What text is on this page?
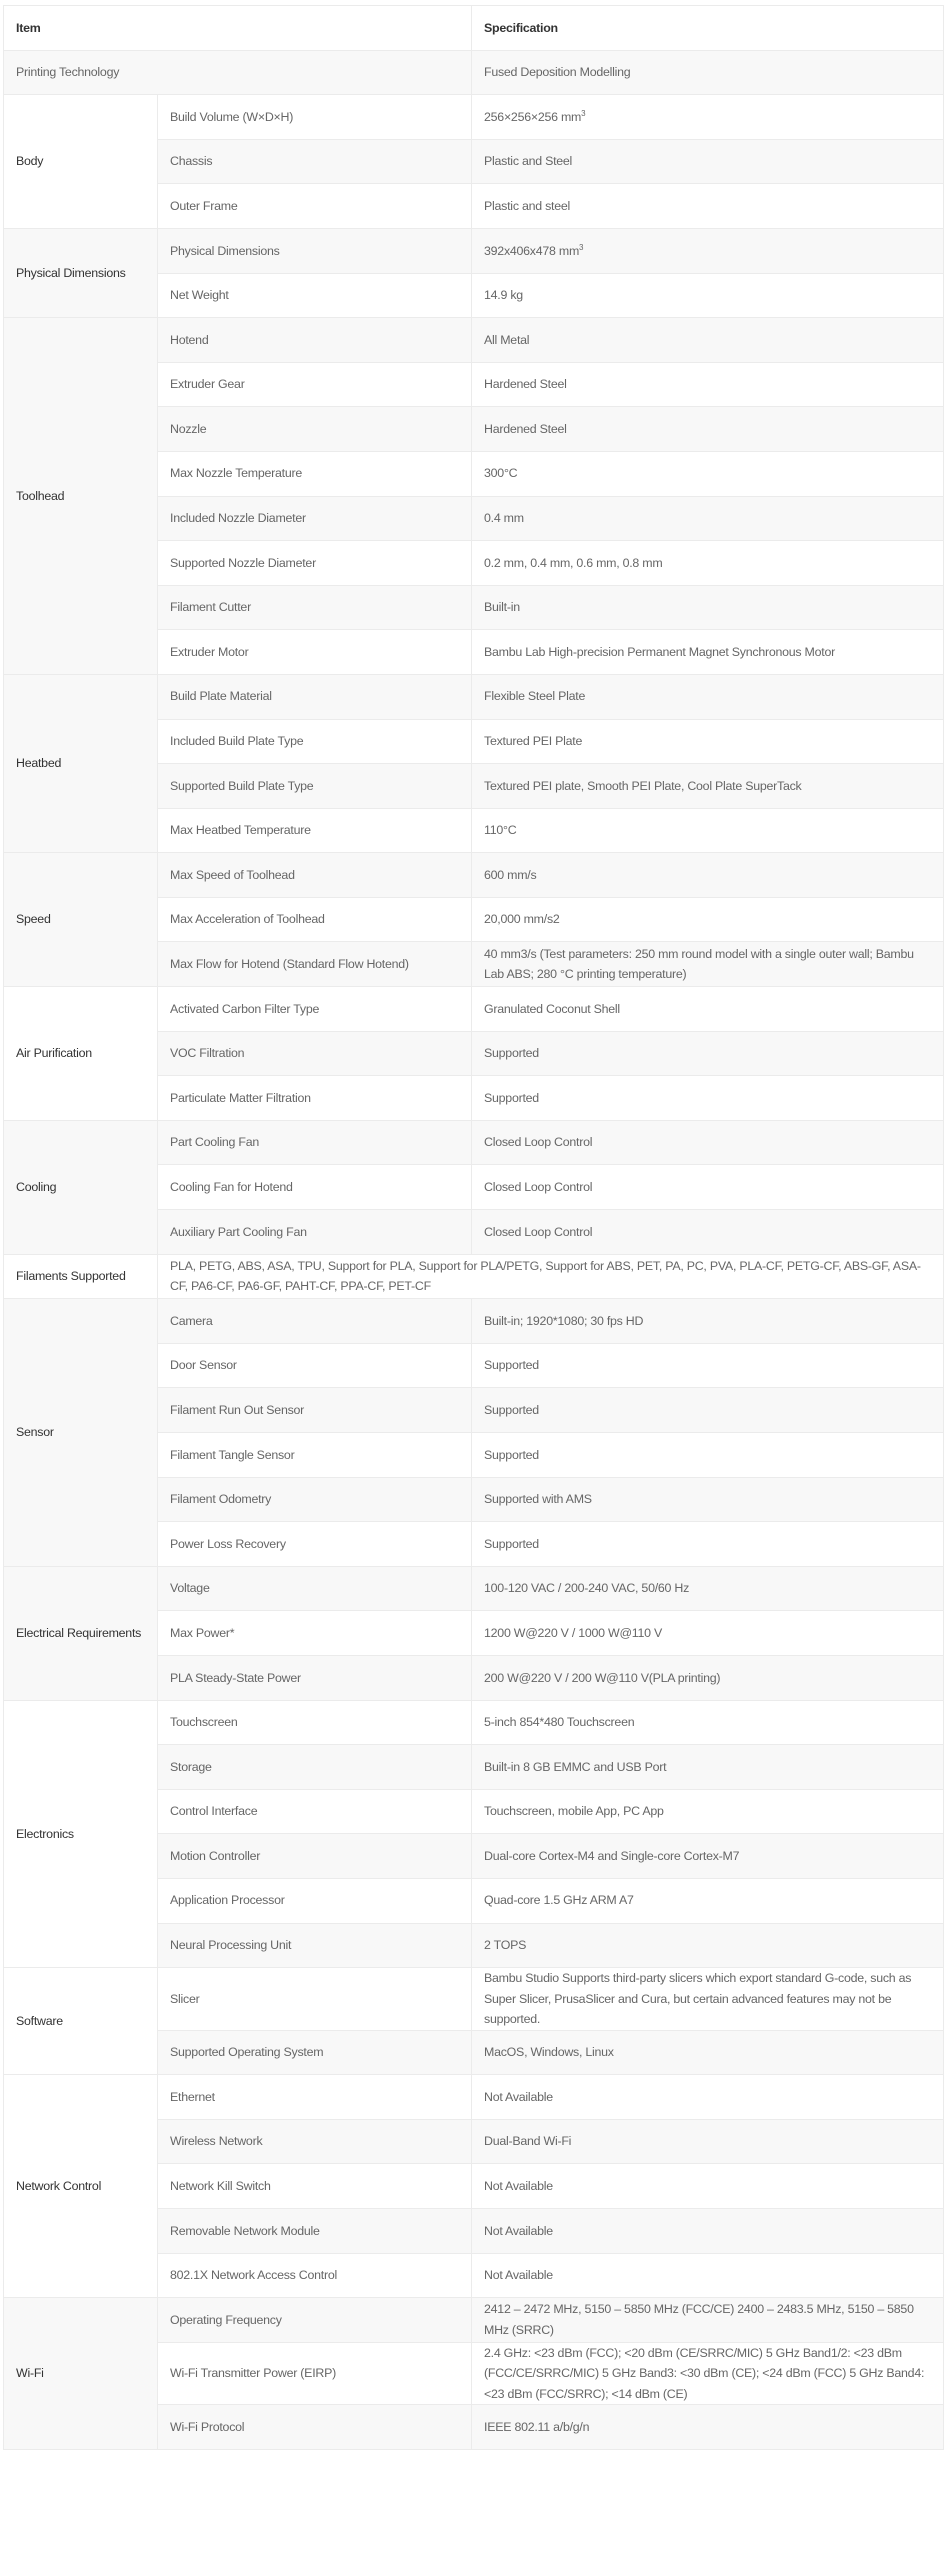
Item		Specification
Printing Technology		Fused Deposition Modelling
Body	Build Volume (W×D×H)	256×256×256 $mm^3$
	Chassis	Plastic and Steel
	Outer Frame	Plastic and steel
Physical Dimensions	Physical Dimensions	392x406x478 $mm^3$
	Net Weight	14.9 kg
Toolhead	Hotend	All Metal
	Extruder Gear	Hardened Steel
	Nozzle	Hardened Steel
	Max Nozzle Temperature	300°C
	Included Nozzle Diameter	0.4 mm
	Supported Nozzle Diameter	0.2 mm, 0.4 mm, 0.6 mm, 0.8 mm
	Filament Cutter	Built-in
	Extruder Motor	Bambu Lab High-precision Permanent Magnet Synchronous Motor
Heatbed	Build Plate Material	Flexible Steel Plate
	Included Build Plate Type	Textured PEI Plate
	Supported Build Plate Type	Textured PEI plate, Smooth PEI Plate, Cool Plate SuperTack
	Max Heatbed Temperature	110°C
Speed	Max Speed of Toolhead	600 mm/s
	Max Acceleration of Toolhead	20,000 mm/s2
	Max Flow for Hotend (Standard Flow Hotend)	40 mm3/s (Test parameters: 250 mm round model with a single outer wall; Bambu Lab ABS; 280 °C printing temperature)
Air Purification	Activated Carbon Filter Type	Granulated Coconut Shell
	VOC Filtration	Supported
	Particulate Matter Filtration	Supported
Cooling	Part Cooling Fan	Closed Loop Control
	Cooling Fan for Hotend	Closed Loop Control
	Auxiliary Part Cooling Fan	Closed Loop Control
Filaments Supported	PLA, PETG, ABS, ASA, TPU, Support for PLA, Support for PLA/PETG, Support for ABS, PET, PA, PC, PVA, PLA-CF, PETG-CF, ABS-GF, ASA-CF, PA6-CF, PA6-GF, PAHT-CF, PPA-CF, PET-CF	
Sensor	Camera	Built-in; 1920*1080; 30 fps HD
	Door Sensor	Supported
	Filament Run Out Sensor	Supported
	Filament Tangle Sensor	Supported
	Filament Odometry	Supported with AMS
	Power Loss Recovery	Supported
Electrical Requirements	Voltage	100-120 VAC / 200-240 VAC, 50/60 Hz
	Max Power*	1200 W@220 V / 1000 W@110 V
	PLA Steady-State Power	200 W@220 V / 200 W@110 V(PLA printing)
Electronics	Touchscreen	5-inch 854*480 Touchscreen
	Storage	Built-in 8 GB EMMC and USB Port
	Control Interface	Touchscreen, mobile App, PC App
	Motion Controller	Dual-core Cortex-M4 and Single-core Cortex-M7
	Application Processor	Quad-core 1.5 GHz ARM A7
	Neural Processing Unit	2 TOPS
Software	Slicer	Bambu Studio Supports third-party slicers which export standard G-code, such as Super Slicer, PrusaSlicer and Cura, but certain advanced features may not be supported.
	Supported Operating System	MacOS, Windows, Linux
Network Control	Ethernet	Not Available
	Wireless Network	Dual-Band Wi-Fi
	Network Kill Switch	Not Available
	Removable Network Module	Not Available
	802.1X Network Access Control	Not Available
Wi-Fi	Operating Frequency	2412 – 2472 MHz, 5150 – 5850 MHz (FCC/CE) 2400 – 2483.5 MHz, 5150 – 5850 MHz (SRRC)
	Wi-Fi Transmitter Power (EIRP)	2.4 GHz: <23 dBm (FCC); <20 dBm (CE/SRRC/MIC) 5 GHz Band1/2: <23 dBm (FCC/CE/SRRC/MIC) 5 GHz Band3: <30 dBm (CE); <24 dBm (FCC) 5 GHz Band4: <23 dBm (FCC/SRRC); <14 dBm (CE)
	Wi-Fi Protocol	IEEE 802.11 a/b/g/n
